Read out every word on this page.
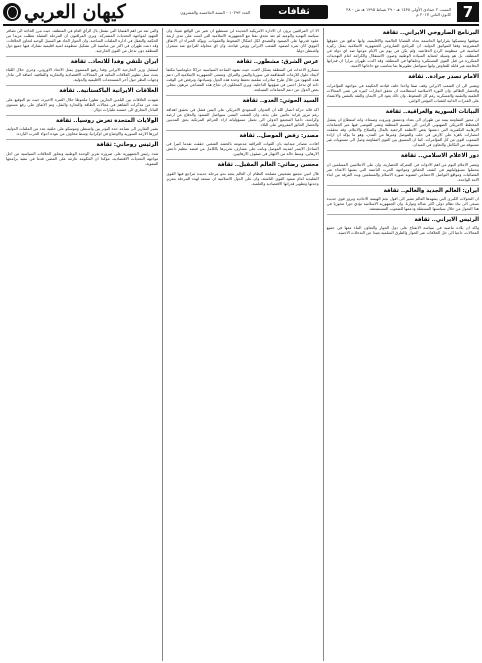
كيهان العربي	العدد ١٠٢٩٣ - السنة الخامسة والعشرون	ثقافات	السبت ٢ جمادى الأولى ١٤٣٨ هـ - ٢٩ شباط ١٣٩٥ هـ ش - ٢٨ كانون الثاني ٢٠١٧ م 7
البرنامج الصاروخي الايراني.. ثقافة

موقفها وتمسكها بقراراتها الحاسمة تجاه القضايا العالمية والاقليمية، وانها تدافع عن حقوقها المشروعة وفقا للمواثيق الدولية. ان البرنامج الصاروخي للجمهورية الاسلامية يمثل ركيزة اساسية في منظومة الردع الدفاعية، ولم يكن في يوم من الايام موجها ضد اي دولة في المنطقة، بل هو وسيلة لحماية السيادة الوطنية وصون الاستقلال والكرامة امام التهديدات المتكررة من قبل القوى المستكبرة وحلفائها في المنطقة. وقد اكدت طهران مرارا ان قدراتها الدفاعية غير قابلة للتفاوض وانها ستواصل تطويرها بما يتناسب مع حاجاتها الامنية.

الامام تصدر جرادة.. ثقافة

ويشير الى ان الشعب الايراني وقف صفا واحدا خلف قيادته الحكيمة في مواجهة المؤامرات والحصار الظالم، وان الثورة الاسلامية استطاعت ان تحقق انجازات كبيرة في شتى المجالات العلمية والتقنية والعسكرية رغم كل الضغوط، وان ذلك يعود الى الايمان والثقة بالنفس والاعتماد على القدرات الذاتية للشباب المؤمن الواعي.

البيانات السورية والعراقية.. ثقافة

ان محور المقاومة يمتد من طهران الى بغداد ودمشق وبيروت وصنعاء، وانه استطاع ان يفشل المخطط الامريكي الصهيوني الرامي الى تقسيم المنطقة ونشر الفوضى فيها عبر الجماعات الارهابية التكفيرية التي دعمتها بعض الانظمة الرجعية بالمال والسلاح والاعلام. وقد تحققت انتصارات باهرة على الارض في حلب والموصل وغيرها من المدن، وهو ما يؤكد ان ارادة الشعوب اقوى من كل المؤامرات. كما ان التنسيق بين القوى المقاومة وصل الى مستويات غير مسبوقة من التكامل والتعاون في الميدان.

دور الاعلام الاسلامي.. ثقافة

ويعتبر الاعلام اليوم من اهم الادوات في المعركة الحضارية، وان على الاعلاميين المسلمين ان يتحملوا مسؤولياتهم في كشف الحقائق ومواجهة الحرب الناعمة التي يشنها الاعداء عبر الفضائيات ومواقع التواصل الاجتماعي لتشويه صورة الاسلام والمسلمين وبث الفرقة بين ابناء الامة الواحدة.

ايران: العالم الجديد والعالم.. ثقافة

ان التحولات الكبرى التي يشهدها العالم تشير الى افول نجم الهيمنة الاحادية وبروز قوى جديدة تسعى الى بناء نظام دولي اكثر عدالة وتوازنا، وان الجمهورية الاسلامية تؤدي دورا محوريا في هذا التحول من خلال سياستها المستقلة ودعمها للشعوب المستضعفة.

الرئيس الايراني.. ثقافة

واكد ان بلاده ماضية في سياسة الانفتاح على دول الجوار والتعاون البناء معها في جميع المجالات، داعيا الى حل الخلافات عبر الحوار والطرق السلمية بعيدا عن التدخلات الاجنبية.

الا ان المراقبين يرون ان الادارة الامريكية الجديدة لن تستطيع ان تغير من الواقع شيئا، وان سياسة التهديد والوعيد لم تعد تجدي نفعا مع الجمهورية الاسلامية التي اثبتت على مدى اربعة عقود قدرتها على الصمود والتصدي لكل اشكال الضغوط والعقوبات. ويؤكد الخبراء ان الاتفاق النووي كان ثمرة لصمود الشعب الايراني ووعي قيادته، وان اي محاولة للتراجع عنه ستعزل واشنطن دوليا.

عرس الشرق: مشطور.. ثقافة

تتسارع الاحداث في المنطقة بشكل لافت، حيث تشهد الساحة السياسية حراكا دبلوماسيا مكثفا لايجاد حلول للازمات المتفاقمة في سوريا واليمن والعراق. وتسعى الجمهورية الاسلامية الى دعم هذه الجهود من خلال طرح مبادرات سلمية تحفظ وحدة هذه الدول وسيادتها، وترفض في الوقت ذاته اي تدخل اجنبي في شؤونها الداخلية. ويرى المحللون ان نجاح هذه المساعي مرهون بتخلي بعض الدول عن دعم الجماعات المسلحة.

السيد الحوثي: العدو.. ثقافة

اكد قائد حركة انصار الله ان العدوان السعودي الامريكي على اليمن فشل في تحقيق اهدافه رغم مرور قرابة عامين على بدئه، وان الشعب اليمني سيواصل الصمود والدفاع عن ارضه وكرامته، داعيا المجتمع الدولي الى تحمل مسؤولياته ازاء الجرائم المرتكبة بحق المدنيين والحصار الخانق المفروض على البلاد.

مصدر: رفض الموصل.. ثقافة

افادت مصادر ميدانية بان القوات العراقية مدعومة بالحشد الشعبي حققت تقدما كبيرا في الساحل الايسر لمدينة الموصل وباتت على مشارف تحريرها بالكامل من قبضة تنظيم داعش الارهابي، وسط حالة من الانهيار في صفوف الارهابيين.

محسن رضائي: العالم المقبل.. ثقافة

قال امين مجمع تشخيص مصلحة النظام ان العالم يتجه نحو مرحلة جديدة تتراجع فيها القوى التقليدية امام صعود القوى الناشئة، وان على الدول الاسلامية ان تستعد لهذه المرحلة بتعزيز وحدتها وتطوير قدراتها الاقتصادية والعلمية.

والتي تعد من اهم القضايا التي تشغل بال الرأي العام في المنطقة، حيث تبرز الحاجة الى تضافر الجهود لمواجهة التحديات المشتركة. ويرى المراقبون ان المرحلة المقبلة تتطلب مزيدا من الحكمة والتعقل في ادارة الملفات الساخنة، وان الحوار الجاد هو السبيل الوحيد لتجاوز الخلافات. وقد دعت طهران في اكثر من مناسبة الى تشكيل منظومة امنية اقليمية تشارك فيها جميع دول المنطقة دون تدخل من القوى الخارجية.

ايران تلتقي وفدا للاتحاد.. ثقافة

استقبل وزير الخارجية الايراني وفدا رفيع المستوى يمثل الاتحاد الاوروبي، وجرى خلال اللقاء بحث سبل تطوير العلاقات الثنائية في المجالات الاقتصادية والتجارية والثقافية، اضافة الى تبادل وجهات النظر حول آخر المستجدات الاقليمية والدولية.

العلاقات الايرانية الباكستانية.. ثقافة

شهدت العلاقات بين البلدين الجارين تطورا ملحوظا خلال الفترة الاخيرة، حيث تم التوقيع على عدد من مذكرات التفاهم في مجالات الطاقة والتجارة والنقل، وتم الاتفاق على رفع مستوى التبادل التجاري الى خمسة مليارات دولار.

الولايات المتحدة تعرض روسيا.. ثقافة

تشير التقارير الى تصاعد حدة التوتر بين واشنطن وموسكو على خلفية عدد من الملفات الدولية، ابرزها الازمة السورية والاوضاع في اوكرانيا، وسط مخاوف من عودة اجواء الحرب الباردة.

الرئيس روحاني: ثقافة

شدد رئيس الجمهورية على ضرورة تعزيز الوحدة الوطنية وتجاوز الخلافات السياسية من اجل مواجهة التحديات الاقتصادية، مؤكدا ان الحكومة عازمة على المضي قدما في تنفيذ برامجها التنموية.
